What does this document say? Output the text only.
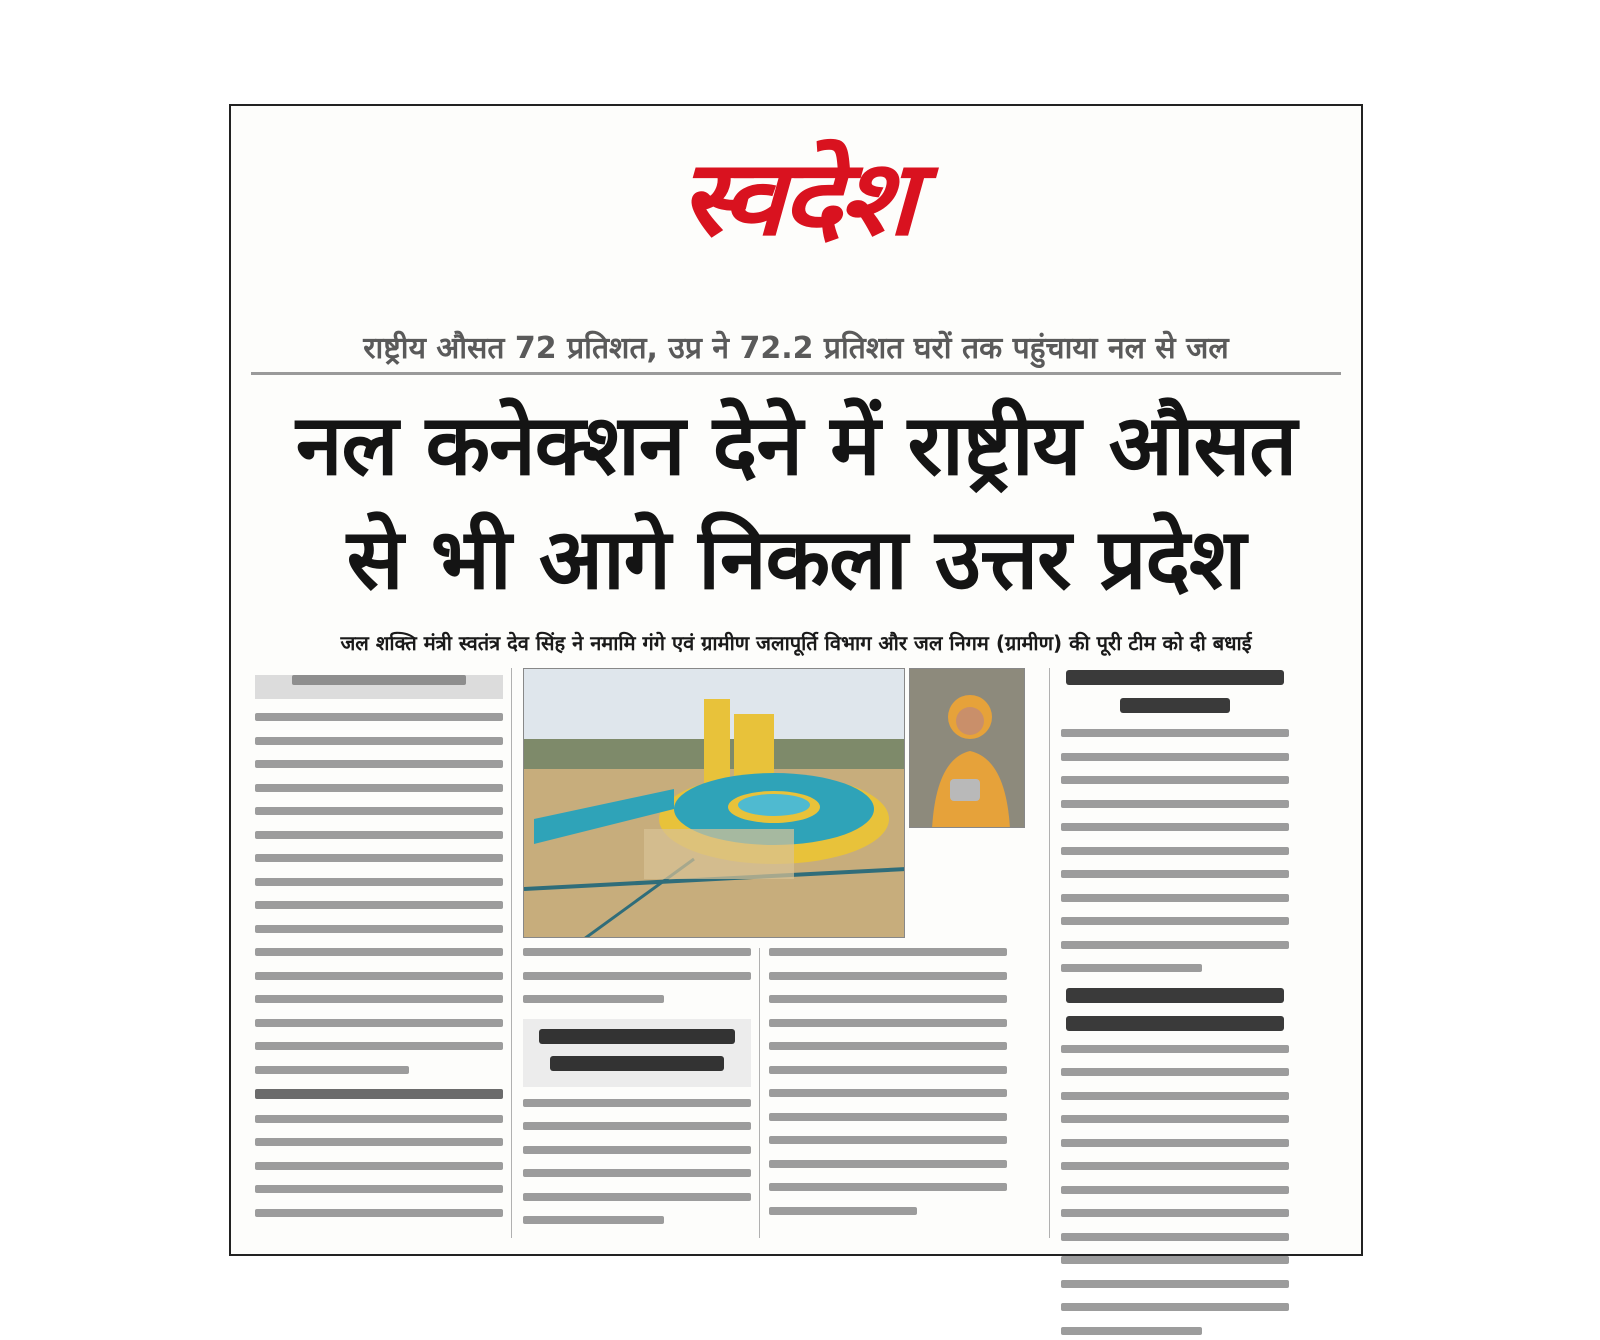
स्वदेश
राष्ट्रीय औसत 72 प्रतिशत, उप्र ने 72.2 प्रतिशत घरों तक पहुंचाया नल से जल
नल कनेक्शन देने में राष्ट्रीय औसत
से भी आगे निकला उत्तर प्रदेश
जल शक्ति मंत्री स्वतंत्र देव सिंह ने नमामि गंगे एवं ग्रामीण जलापूर्ति विभाग और जल निगम (ग्रामीण) की पूरी टीम को दी बधाई
